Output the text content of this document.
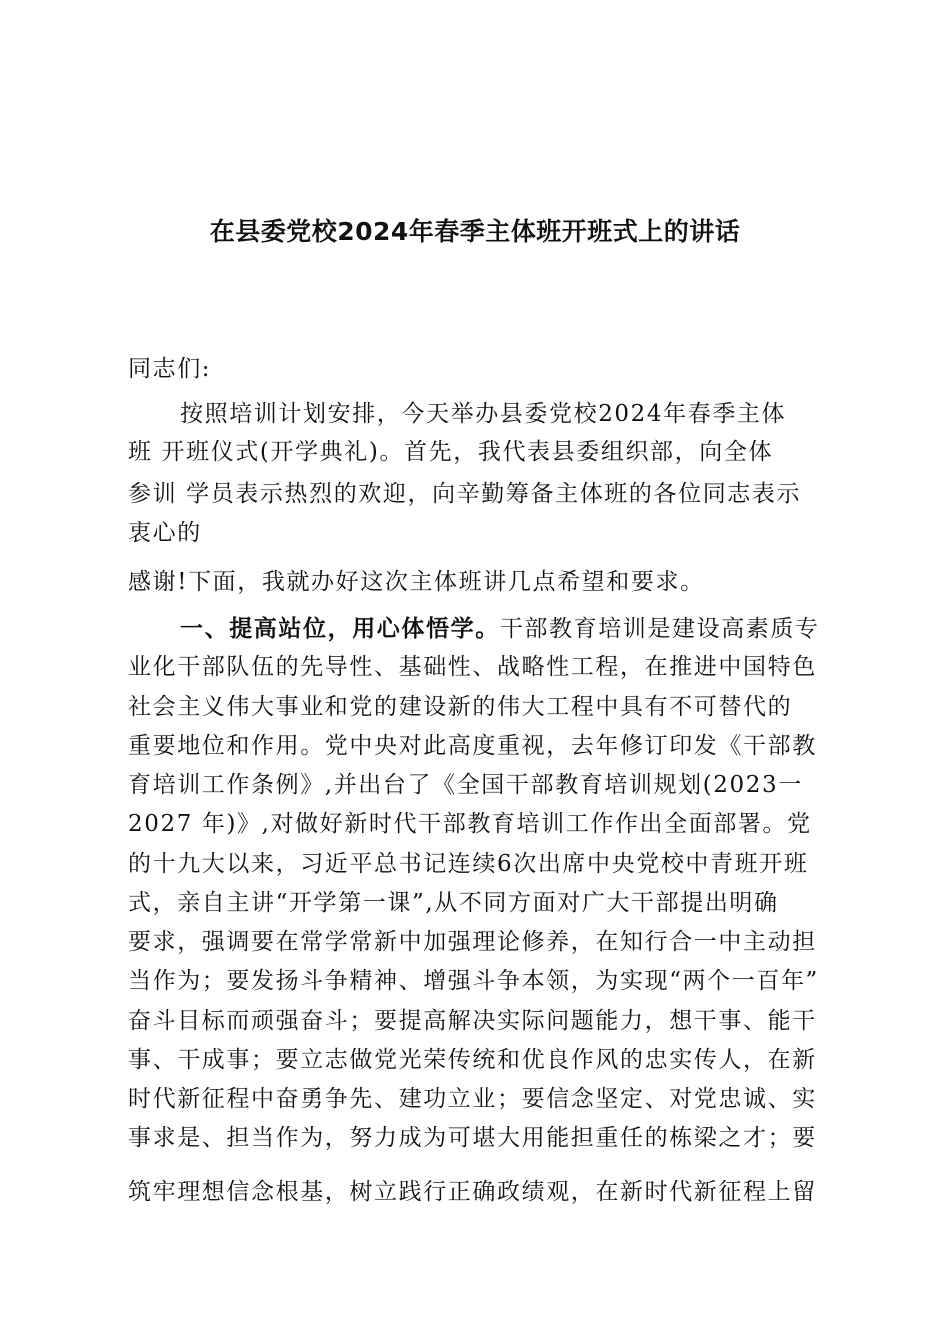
在县委党校2024年春季主体班开班式上的讲话
同志们:
按照培训计划安排，今天举办县委党校2024年春季主体
班 开班仪式(开学典礼)。首先，我代表县委组织部，向全体
参训 学员表示热烈的欢迎，向辛勤筹备主体班的各位同志表示
衷心的
感谢!下面，我就办好这次主体班讲几点希望和要求。
一、提高站位，用心体悟学。干部教育培训是建设高素质专
业化干部队伍的先导性、基础性、战略性工程，在推进中国特色
社会主义伟大事业和党的建设新的伟大工程中具有不可替代的
重要地位和作用。党中央对此高度重视，去年修订印发《干部教
育培训工作条例》,并出台了《全国干部教育培训规划(2023一
2027 年)》,对做好新时代干部教育培训工作作出全面部署。党
的十九大以来，习近平总书记连续6次出席中央党校中青班开班
式，亲自主讲“开学第一课”,从不同方面对广大干部提出明确
要求，强调要在常学常新中加强理论修养，在知行合一中主动担
当作为；要发扬斗争精神、增强斗争本领，为实现“两个一百年”
奋斗目标而顽强奋斗；要提高解决实际问题能力，想干事、能干
事、干成事；要立志做党光荣传统和优良作风的忠实传人，在新
时代新征程中奋勇争先、建功立业；要信念坚定、对党忠诚、实
事求是、担当作为，努力成为可堪大用能担重任的栋梁之才；要
筑牢理想信念根基，树立践行正确政绩观，在新时代新征程上留
